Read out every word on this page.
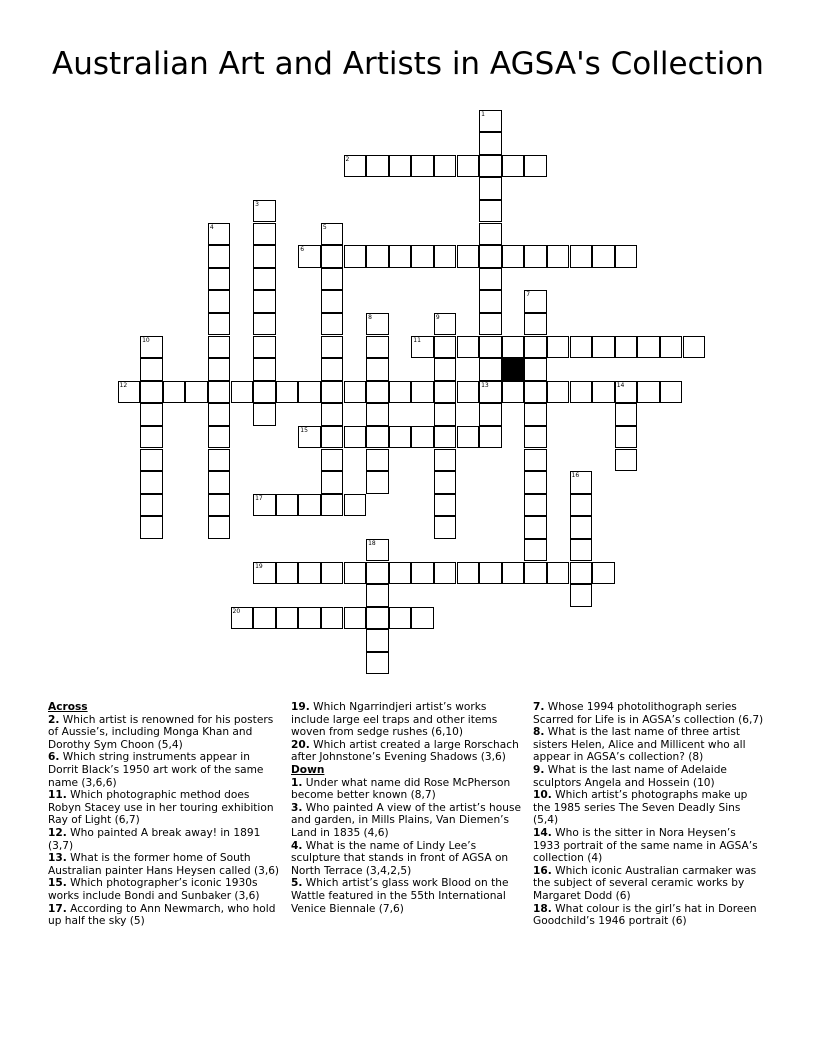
Australian Art and Artists in AGSA's Collection
1
13
2
3
4	5
6
7
8	9
10	11
12	14
15
16
17
18
19
20
Across
2. Which artist is renowned for his posters of Aussie’s, including Monga Khan and Dorothy Sym Choon (5,4)
6. Which string instruments appear in Dorrit Black’s 1950 art work of the same name (3,6,6)
11. Which photographic method does Robyn Stacey use in her touring exhibition Ray of Light (6,7)
12. Who painted A break away! in 1891 (3,7)
13. What is the former home of South Australian painter Hans Heysen called (3,6)
15. Which photographer’s iconic 1930s works include Bondi and Sunbaker (3,6)
17. According to Ann Newmarch, who hold up half the sky (5)
19. Which Ngarrindjeri artist’s works include large eel traps and other items woven from sedge rushes (6,10)
20. Which artist created a large Rorschach after Johnstone’s Evening Shadows (3,6)
Down
1. Under what name did Rose McPherson become better known (8,7)
3. Who painted A view of the artist’s house and garden, in Mills Plains, Van Diemen’s Land in 1835 (4,6)
4. What is the name of Lindy Lee’s sculpture that stands in front of AGSA on North Terrace (3,4,2,5)
5. Which artist’s glass work Blood on the Wattle featured in the 55th International Venice Biennale (7,6)
7. Whose 1994 photolithograph series Scarred for Life is in AGSA’s collection (6,7)
8. What is the last name of three artist sisters Helen, Alice and Millicent who all appear in AGSA’s collection? (8)
9. What is the last name of Adelaide sculptors Angela and Hossein (10)
10. Which artist’s photographs make up the 1985 series The Seven Deadly Sins (5,4)
14. Who is the sitter in Nora Heysen’s 1933 portrait of the same name in AGSA’s collection (4)
16. Which iconic Australian carmaker was the subject of several ceramic works by Margaret Dodd (6)
18. What colour is the girl’s hat in Doreen Goodchild’s 1946 portrait (6)
